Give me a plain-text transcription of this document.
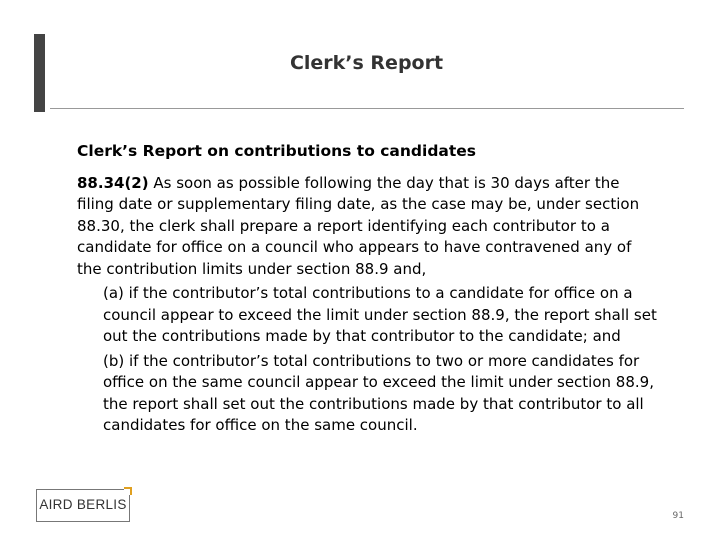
Clerk’s Report
Clerk’s Report on contributions to candidates
88.34(2) As soon as possible following the day that is 30 days after the filing date or supplementary filing date, as the case may be, under section 88.30, the clerk shall prepare a report identifying each contributor to a candidate for office on a council who appears to have contravened any of the contribution limits under section 88.9 and,
(a) if the contributor’s total contributions to a candidate for office on a council appear to exceed the limit under section 88.9, the report shall set out the contributions made by that contributor to the candidate; and
(b) if the contributor’s total contributions to two or more candidates for office on the same council appear to exceed the limit under section 88.9, the report shall set out the contributions made by that contributor to all candidates for office on the same council.
AIRD BERLIS
91
